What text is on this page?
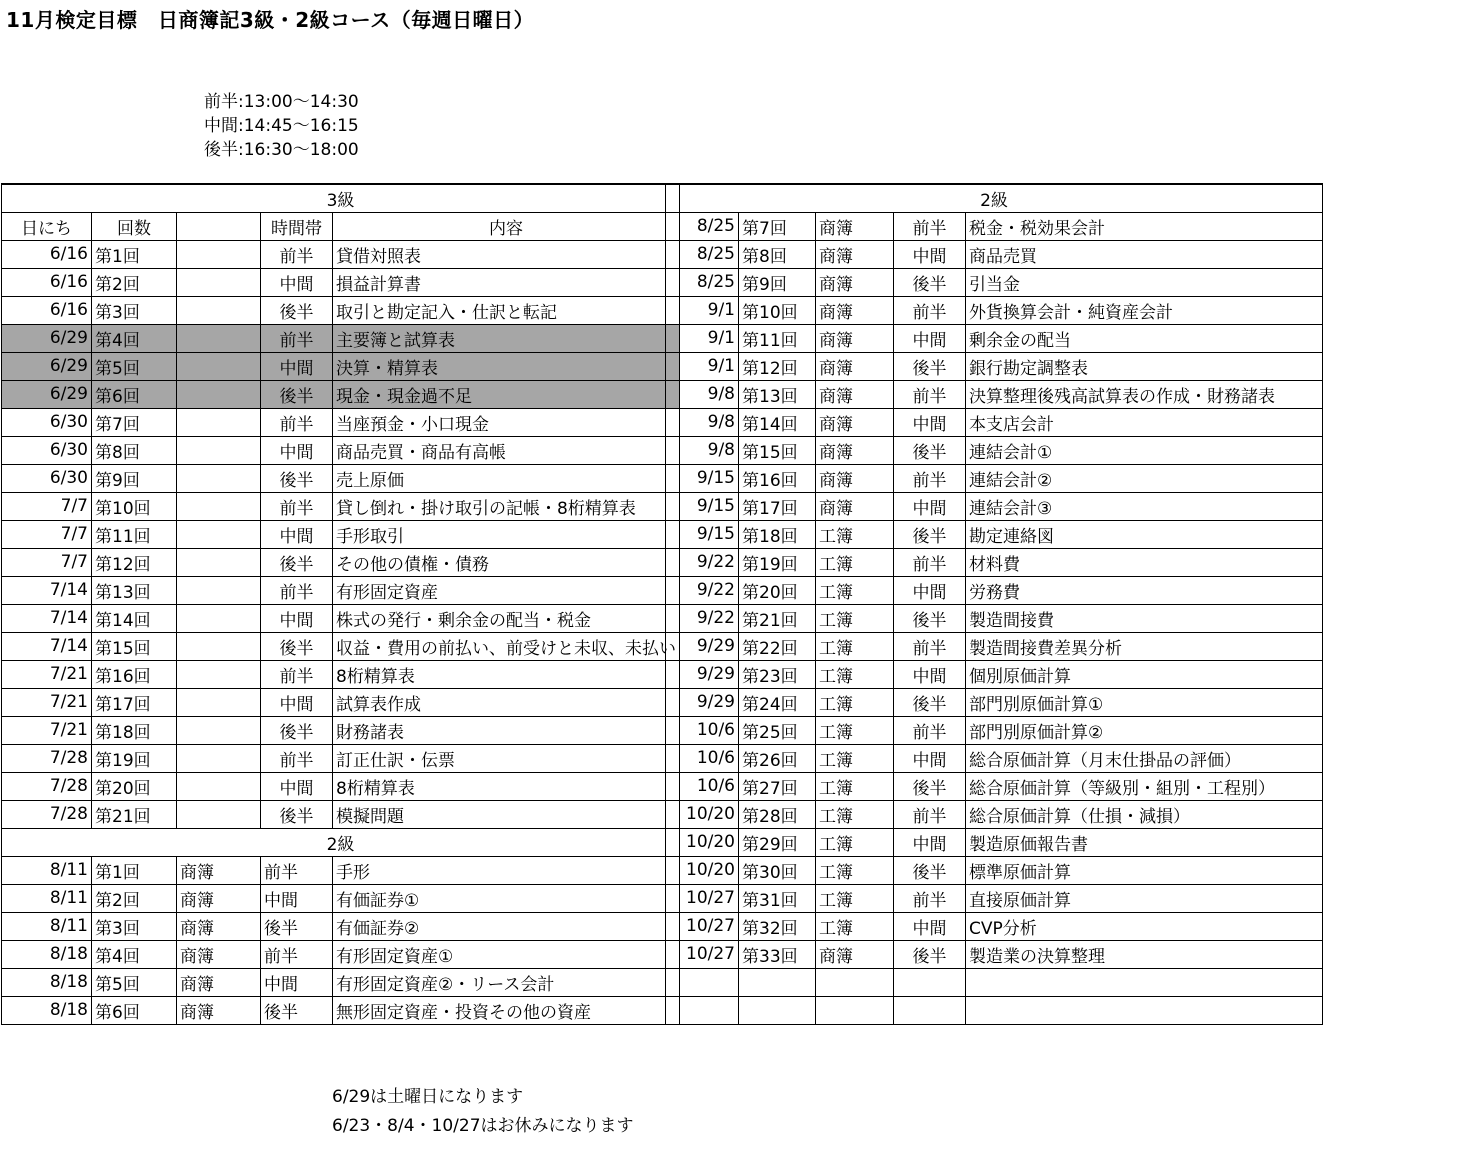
11月検定目標　日商簿記3級・2級コース（毎週日曜日）
前半:13:00～14:30
中間:14:45～16:15
後半:16:30～18:00
3級				
日にち	回数		時間帯	内容
6/16	第1回		前半	貸借対照表
6/16	第2回		中間	損益計算書
6/16	第3回		後半	取引と勘定記入・仕訳と転記
6/29	第4回		前半	主要簿と試算表
6/29	第5回		中間	決算・精算表
6/29	第6回		後半	現金・現金過不足
6/30	第7回		前半	当座預金・小口現金
6/30	第8回		中間	商品売買・商品有高帳
6/30	第9回		後半	売上原価
7/7	第10回		前半	貸し倒れ・掛け取引の記帳・8桁精算表
7/7	第11回		中間	手形取引
7/7	第12回		後半	その他の債権・債務
7/14	第13回		前半	有形固定資産
7/14	第14回		中間	株式の発行・剰余金の配当・税金
7/14	第15回		後半	収益・費用の前払い、前受けと未収、未払い
7/21	第16回		前半	8桁精算表
7/21	第17回		中間	試算表作成
7/21	第18回		後半	財務諸表
7/28	第19回		前半	訂正仕訳・伝票
7/28	第20回		中間	8桁精算表
7/28	第21回		後半	模擬問題
2級				
8/11	第1回	商簿	前半	手形
8/11	第2回	商簿	中間	有価証券①
8/11	第3回	商簿	後半	有価証券②
8/18	第4回	商簿	前半	有形固定資産①
8/18	第5回	商簿	中間	有形固定資産②・リース会計
8/18	第6回	商簿	後半	無形固定資産・投資その他の資産
2級				
8/25	第7回	商簿	前半	税金・税効果会計
8/25	第8回	商簿	中間	商品売買
8/25	第9回	商簿	後半	引当金
9/1	第10回	商簿	前半	外貨換算会計・純資産会計
9/1	第11回	商簿	中間	剰余金の配当
9/1	第12回	商簿	後半	銀行勘定調整表
9/8	第13回	商簿	前半	決算整理後残高試算表の作成・財務諸表
9/8	第14回	商簿	中間	本支店会計
9/8	第15回	商簿	後半	連結会計①
9/15	第16回	商簿	前半	連結会計②
9/15	第17回	商簿	中間	連結会計③
9/15	第18回	工簿	後半	勘定連絡図
9/22	第19回	工簿	前半	材料費
9/22	第20回	工簿	中間	労務費
9/22	第21回	工簿	後半	製造間接費
9/29	第22回	工簿	前半	製造間接費差異分析
9/29	第23回	工簿	中間	個別原価計算
9/29	第24回	工簿	後半	部門別原価計算①
10/6	第25回	工簿	前半	部門別原価計算②
10/6	第26回	工簿	中間	総合原価計算（月末仕掛品の評価）
10/6	第27回	工簿	後半	総合原価計算（等級別・組別・工程別）
10/20	第28回	工簿	前半	総合原価計算（仕損・減損）
10/20	第29回	工簿	中間	製造原価報告書
10/20	第30回	工簿	後半	標準原価計算
10/27	第31回	工簿	前半	直接原価計算
10/27	第32回	工簿	中間	CVP分析
10/27	第33回	商簿	後半	製造業の決算整理

6/29は土曜日になります
6/23・8/4・10/27はお休みになります
